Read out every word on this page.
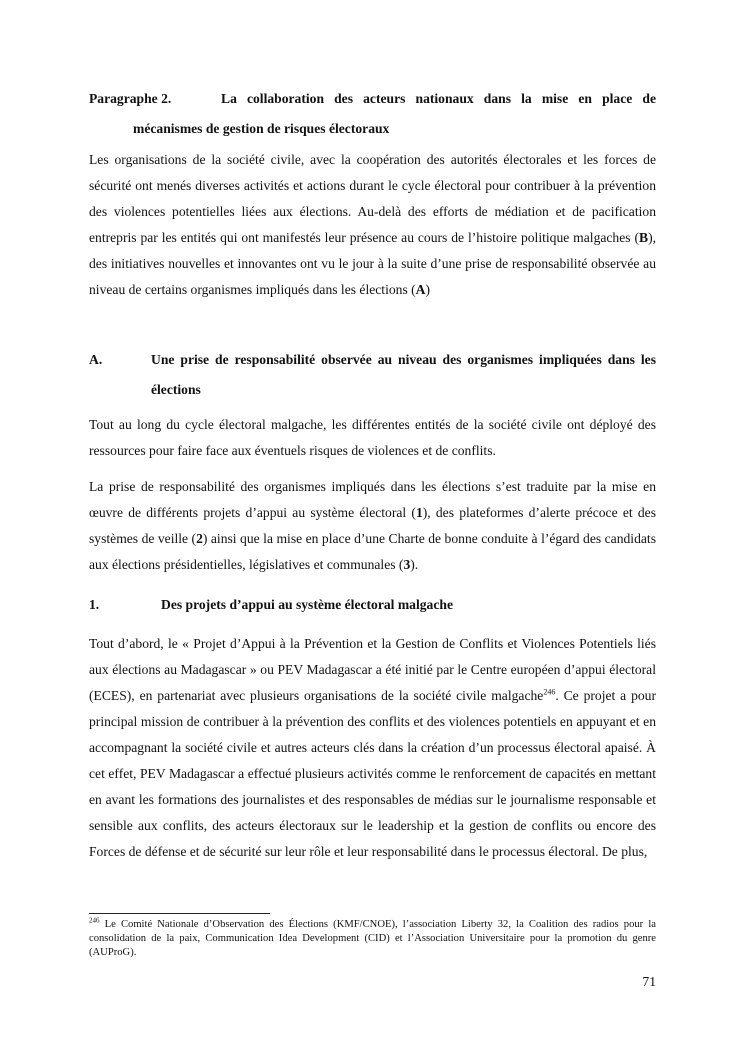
Paragraphe 2.	La collaboration des acteurs nationaux dans la mise en place de mécanismes de gestion de risques électoraux

Les organisations de la société civile, avec la coopération des autorités électorales et les forces de sécurité ont menés diverses activités et actions durant le cycle électoral pour contribuer à la prévention des violences potentielles liées aux élections. Au-delà des efforts de médiation et de pacification entrepris par les entités qui ont manifestés leur présence au cours de l’histoire politique malgaches (B), des initiatives nouvelles et innovantes ont vu le jour à la suite d’une prise de responsabilité observée au niveau de certains organismes impliqués dans les élections (A)

A.	Une prise de responsabilité observée au niveau des organismes impliquées dans les élections

Tout au long du cycle électoral malgache, les différentes entités de la société civile ont déployé des ressources pour faire face aux éventuels risques de violences et de conflits.

La prise de responsabilité des organismes impliqués dans les élections s’est traduite par la mise en œuvre de différents projets d’appui au système électoral (1), des plateformes d’alerte précoce et des systèmes de veille (2) ainsi que la mise en place d’une Charte de bonne conduite à l’égard des candidats aux élections présidentielles, législatives et communales (3).

1.	Des projets d’appui au système électoral malgache

Tout d’abord, le « Projet d’Appui à la Prévention et la Gestion de Conflits et Violences Potentiels liés aux élections au Madagascar » ou PEV Madagascar a été initié par le Centre européen d’appui électoral (ECES), en partenariat avec plusieurs organisations de la société civile malgache$^{246}$. Ce projet a pour principal mission de contribuer à la prévention des conflits et des violences potentiels en appuyant et en accompagnant la société civile et autres acteurs clés dans la création d’un processus électoral apaisé. À cet effet, PEV Madagascar a effectué plusieurs activités comme le renforcement de capacités en mettant en avant les formations des journalistes et des responsables de médias sur le journalisme responsable et sensible aux conflits, des acteurs électoraux sur le leadership et la gestion de conflits ou encore des Forces de défense et de sécurité sur leur rôle et leur responsabilité dans le processus électoral. De plus,

$^{246}$ Le Comité Nationale d’Observation des Élections (KMF/CNOE), l’association Liberty 32, la Coalition des radios pour la consolidation de la paix, Communication Idea Development (CID) et l’Association Universitaire pour la promotion du genre (AUProG).
71
